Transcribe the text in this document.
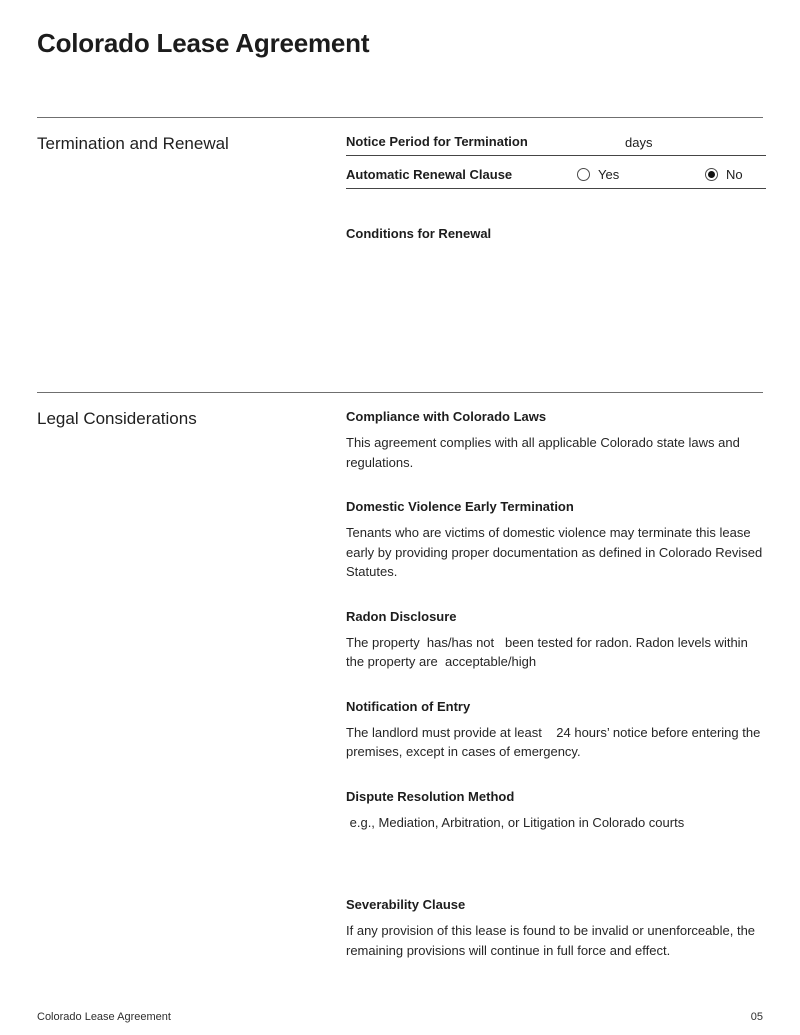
Colorado Lease Agreement
Termination and Renewal	Notice Period for Termination	days
Automatic Renewal Clause	Yes	No
Conditions for Renewal
Legal Considerations	Compliance with Colorado Laws

This agreement complies with all applicable Colorado state laws and regulations.

Domestic Violence Early Termination

Tenants who are victims of domestic violence may terminate this lease early by providing proper documentation as defined in Colorado Revised Statutes.

Radon Disclosure

The property  has/has not   been tested for radon. Radon levels within the property are  acceptable/high

Notification of Entry

The landlord must provide at least    24 hours’ notice before entering the premises, except in cases of emergency.

Dispute Resolution Method

e.g., Mediation, Arbitration, or Litigation in Colorado courts

Severability Clause

If any provision of this lease is found to be invalid or unenforceable, the remaining provisions will continue in full force and effect.

Colorado Lease Agreement	05
